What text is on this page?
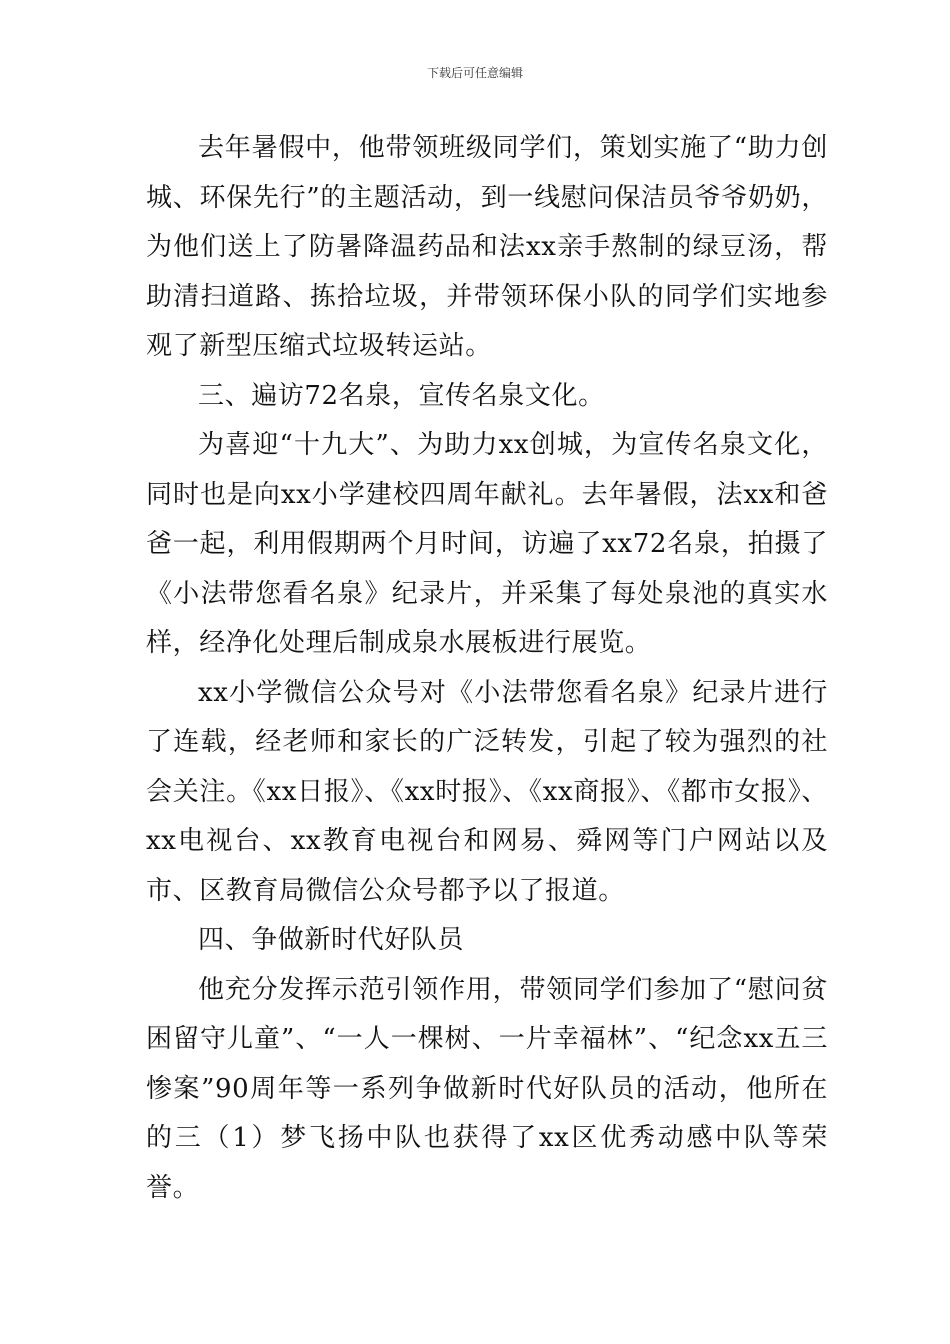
下载后可任意编辑

去年暑假中，他带领班级同学们，策划实施了“助力创城、环保先行”的主题活动，到一线慰问保洁员爷爷奶奶，为他们送上了防暑降温药品和法xx亲手熬制的绿豆汤，帮助清扫道路、拣拾垃圾，并带领环保小队的同学们实地参观了新型压缩式垃圾转运站。

三、遍访72名泉，宣传名泉文化。

为喜迎“十九大”、为助力xx创城，为宣传名泉文化，同时也是向xx小学建校四周年献礼。去年暑假，法xx和爸爸一起，利用假期两个月时间，访遍了xx72名泉，拍摄了《小法带您看名泉》纪录片，并采集了每处泉池的真实水样，经净化处理后制成泉水展板进行展览。

xx小学微信公众号对《小法带您看名泉》纪录片进行了连载，经老师和家长的广泛转发，引起了较为强烈的社会关注。《xx日报》、《xx时报》、《xx商报》、《都市女报》、xx电视台、xx教育电视台和网易、舜网等门户网站以及市、区教育局微信公众号都予以了报道。

四、争做新时代好队员

他充分发挥示范引领作用，带领同学们参加了“慰问贫困留守儿童”、“一人一棵树、一片幸福林”、“纪念xx五三惨案”90周年等一系列争做新时代好队员的活动，他所在的三（1）梦飞扬中队也获得了xx区优秀动感中队等荣誉。
